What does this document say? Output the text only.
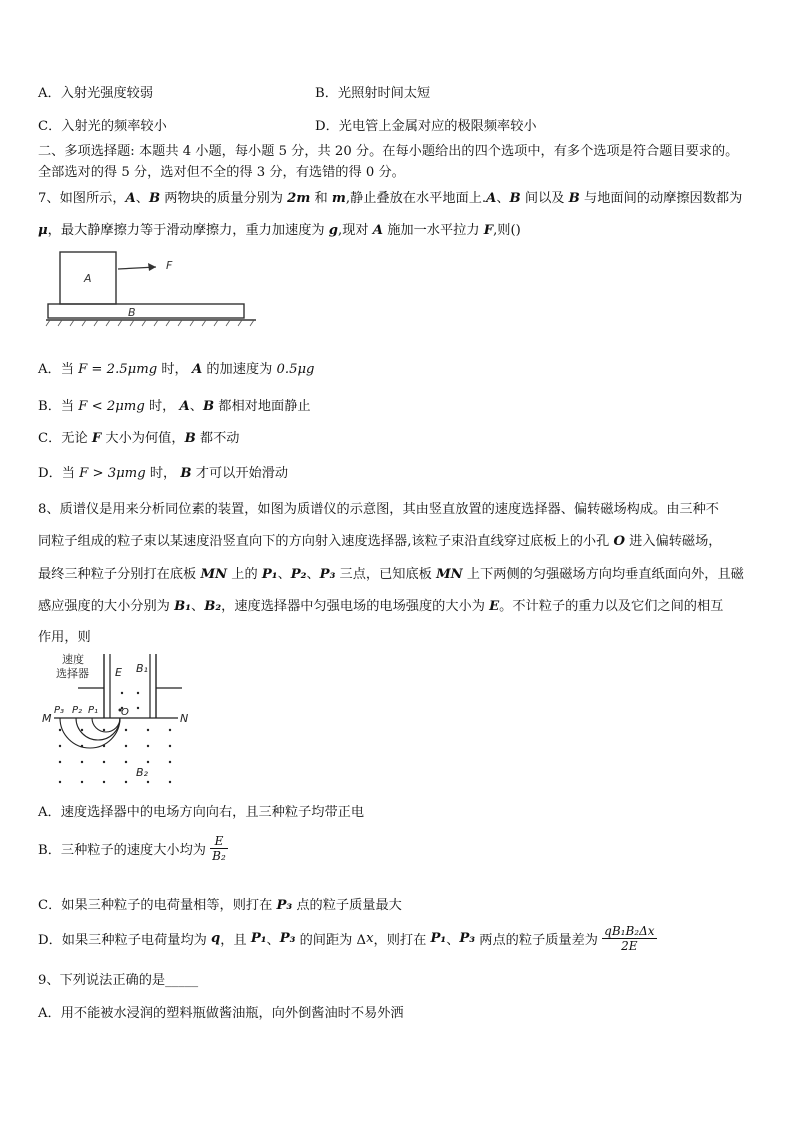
A．入射光强度较弱	B．光照射时间太短
C．入射光的频率较小	D．光电管上金属对应的极限频率较小
二、多项选择题: 本题共 4 小题，每小题 5 分，共 20 分。在每小题给出的四个选项中，有多个选项是符合题目要求的。
全部选对的得 5 分，选对但不全的得 3 分，有选错的得 0 分。
7、如图所示，A、B 两物块的质量分别为 2m 和 m,静止叠放在水平地面上.A、B 间以及 B 与地面间的动摩擦因数都为
μ，最大静摩擦力等于滑动摩擦力，重力加速度为 g,现对 A 施加一水平拉力 F,则()
A
F
B
A．当 F = 2.5μmg 时， A 的加速度为 0.5μg
B．当 F < 2μmg 时， A、B 都相对地面静止
C．无论 F 大小为何值，B 都不动
D．当 F > 3μmg 时， B 才可以开始滑动
8、质谱仪是用来分析同位素的装置，如图为质谱仪的示意图，其由竖直放置的速度选择器、偏转磁场构成。由三种不
同粒子组成的粒子束以某速度沿竖直向下的方向射入速度选择器,该粒子束沿直线穿过底板上的小孔 O 进入偏转磁场，
最终三种粒子分别打在底板 MN 上的 P₁、P₂、P₃ 三点，已知底板 MN 上下两侧的匀强磁场方向均垂直纸面向外，且磁
感应强度的大小分别为 B₁、B₂，速度选择器中匀强电场的电场强度的大小为 E。不计粒子的重力以及它们之间的相互
作用，则
速度
选择器 E B₁
M	N
P₃ P₂ P₁ O
B₂
A．速度选择器中的电场方向向右，且三种粒子均带正电
B．三种粒子的速度大小均为 $\frac{E}{\text{B₂}}$
C．如果三种粒子的电荷量相等，则打在 P₃ 点的粒子质量最大
D．如果三种粒子电荷量均为 q，且 P₁、P₃ 的间距为 Δx，则打在 P₁、P₃ 两点的粒子质量差为 $\frac{\text{qB₁B₂Δx}}{2E}$
9、下列说法正确的是_____
A．用不能被水浸润的塑料瓶做酱油瓶，向外倒酱油时不易外洒
